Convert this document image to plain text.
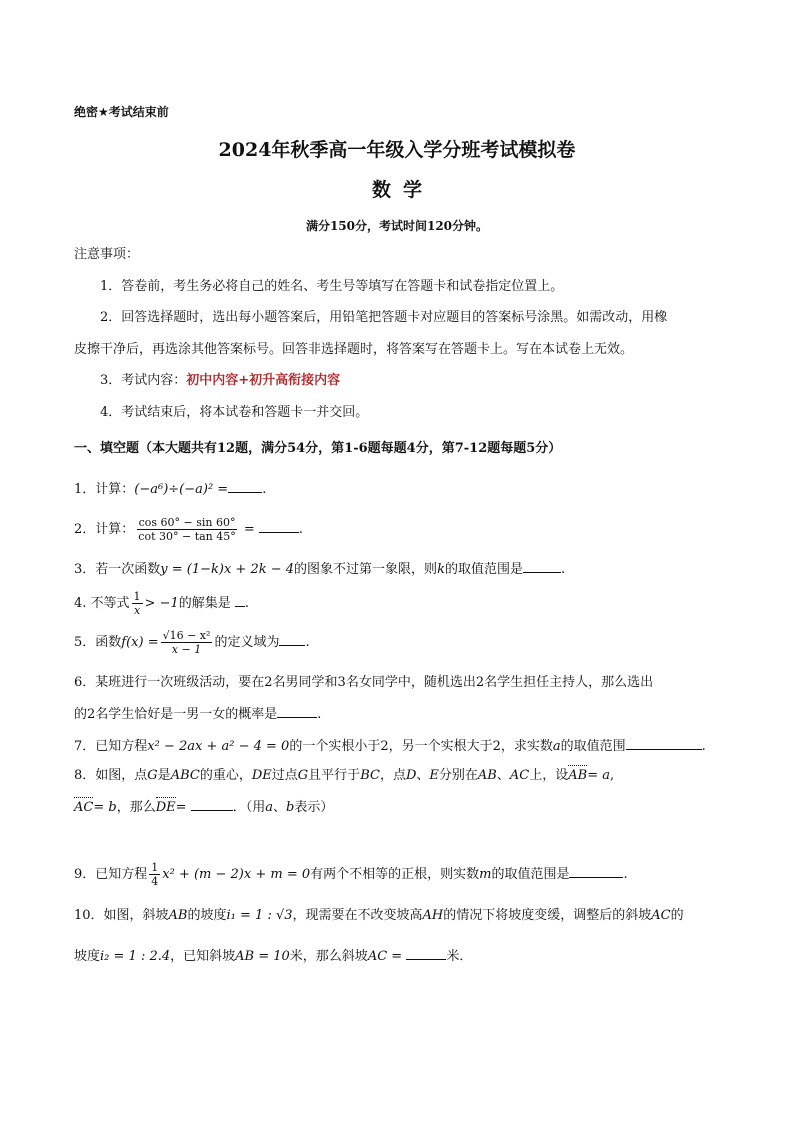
绝密★考试结束前
2024年秋季高一年级入学分班考试模拟卷
数学
满分150分，考试时间120分钟。
注意事项：
1．答卷前，考生务必将自己的姓名、考生号等填写在答题卡和试卷指定位置上。
2．回答选择题时，选出每小题答案后，用铅笔把答题卡对应题目的答案标号涂黑。如需改动，用橡
皮擦干净后，再选涂其他答案标号。回答非选择题时，将答案写在答题卡上。写在本试卷上无效。
3．考试内容：初中内容+初升高衔接内容
4．考试结束后，将本试卷和答题卡一并交回。
一、填空题（本大题共有12题，满分54分，第1-6题每题4分，第7-12题每题5分）
1．计算：(−a⁶)÷(−a)² =	.
2．计算： $\frac{\cos 60^\circ - \sin 60^\circ}{\cot 30^\circ - \tan 45^\circ}$ =	.
3．若一次函数y = (1−k)x + 2k − 4的图象不过第一象限，则k的取值范围是	.
4. 不等式 $\frac{1}{x} > -1$的解集是 .
5．函数$f(x) = \frac{\text{√16 − x²}}{x - 1}$ 的定义域为 .
6．某班进行一次班级活动，要在2名男同学和3名女同学中，随机选出2名学生担任主持人，那么选出
的2名学生恰好是一男一女的概率是	.
7．已知方程x² − 2ax + a² − 4 = 0的一个实根小于2，另一个实根大于2，求实数a的取值范围	.
8．如图，点G是ABC的重心，DE过点G且平行于BC，点D、E分别在AB、AC上，设AB= a,
AC= b，那么DE=	．（用a、b表示）
9．已知方程 $\frac{1}{4} x^2 + (m - 2)x + m = 0$有两个不相等的正根，则实数m的取值范围是	.
10．如图，斜坡AB的坡度i₁ = 1 : √3，现需要在不改变坡高AH的情况下将坡度变缓，调整后的斜坡AC的
坡度i₂ = 1 : 2.4，已知斜坡AB = 10米，那么斜坡AC =	米．
